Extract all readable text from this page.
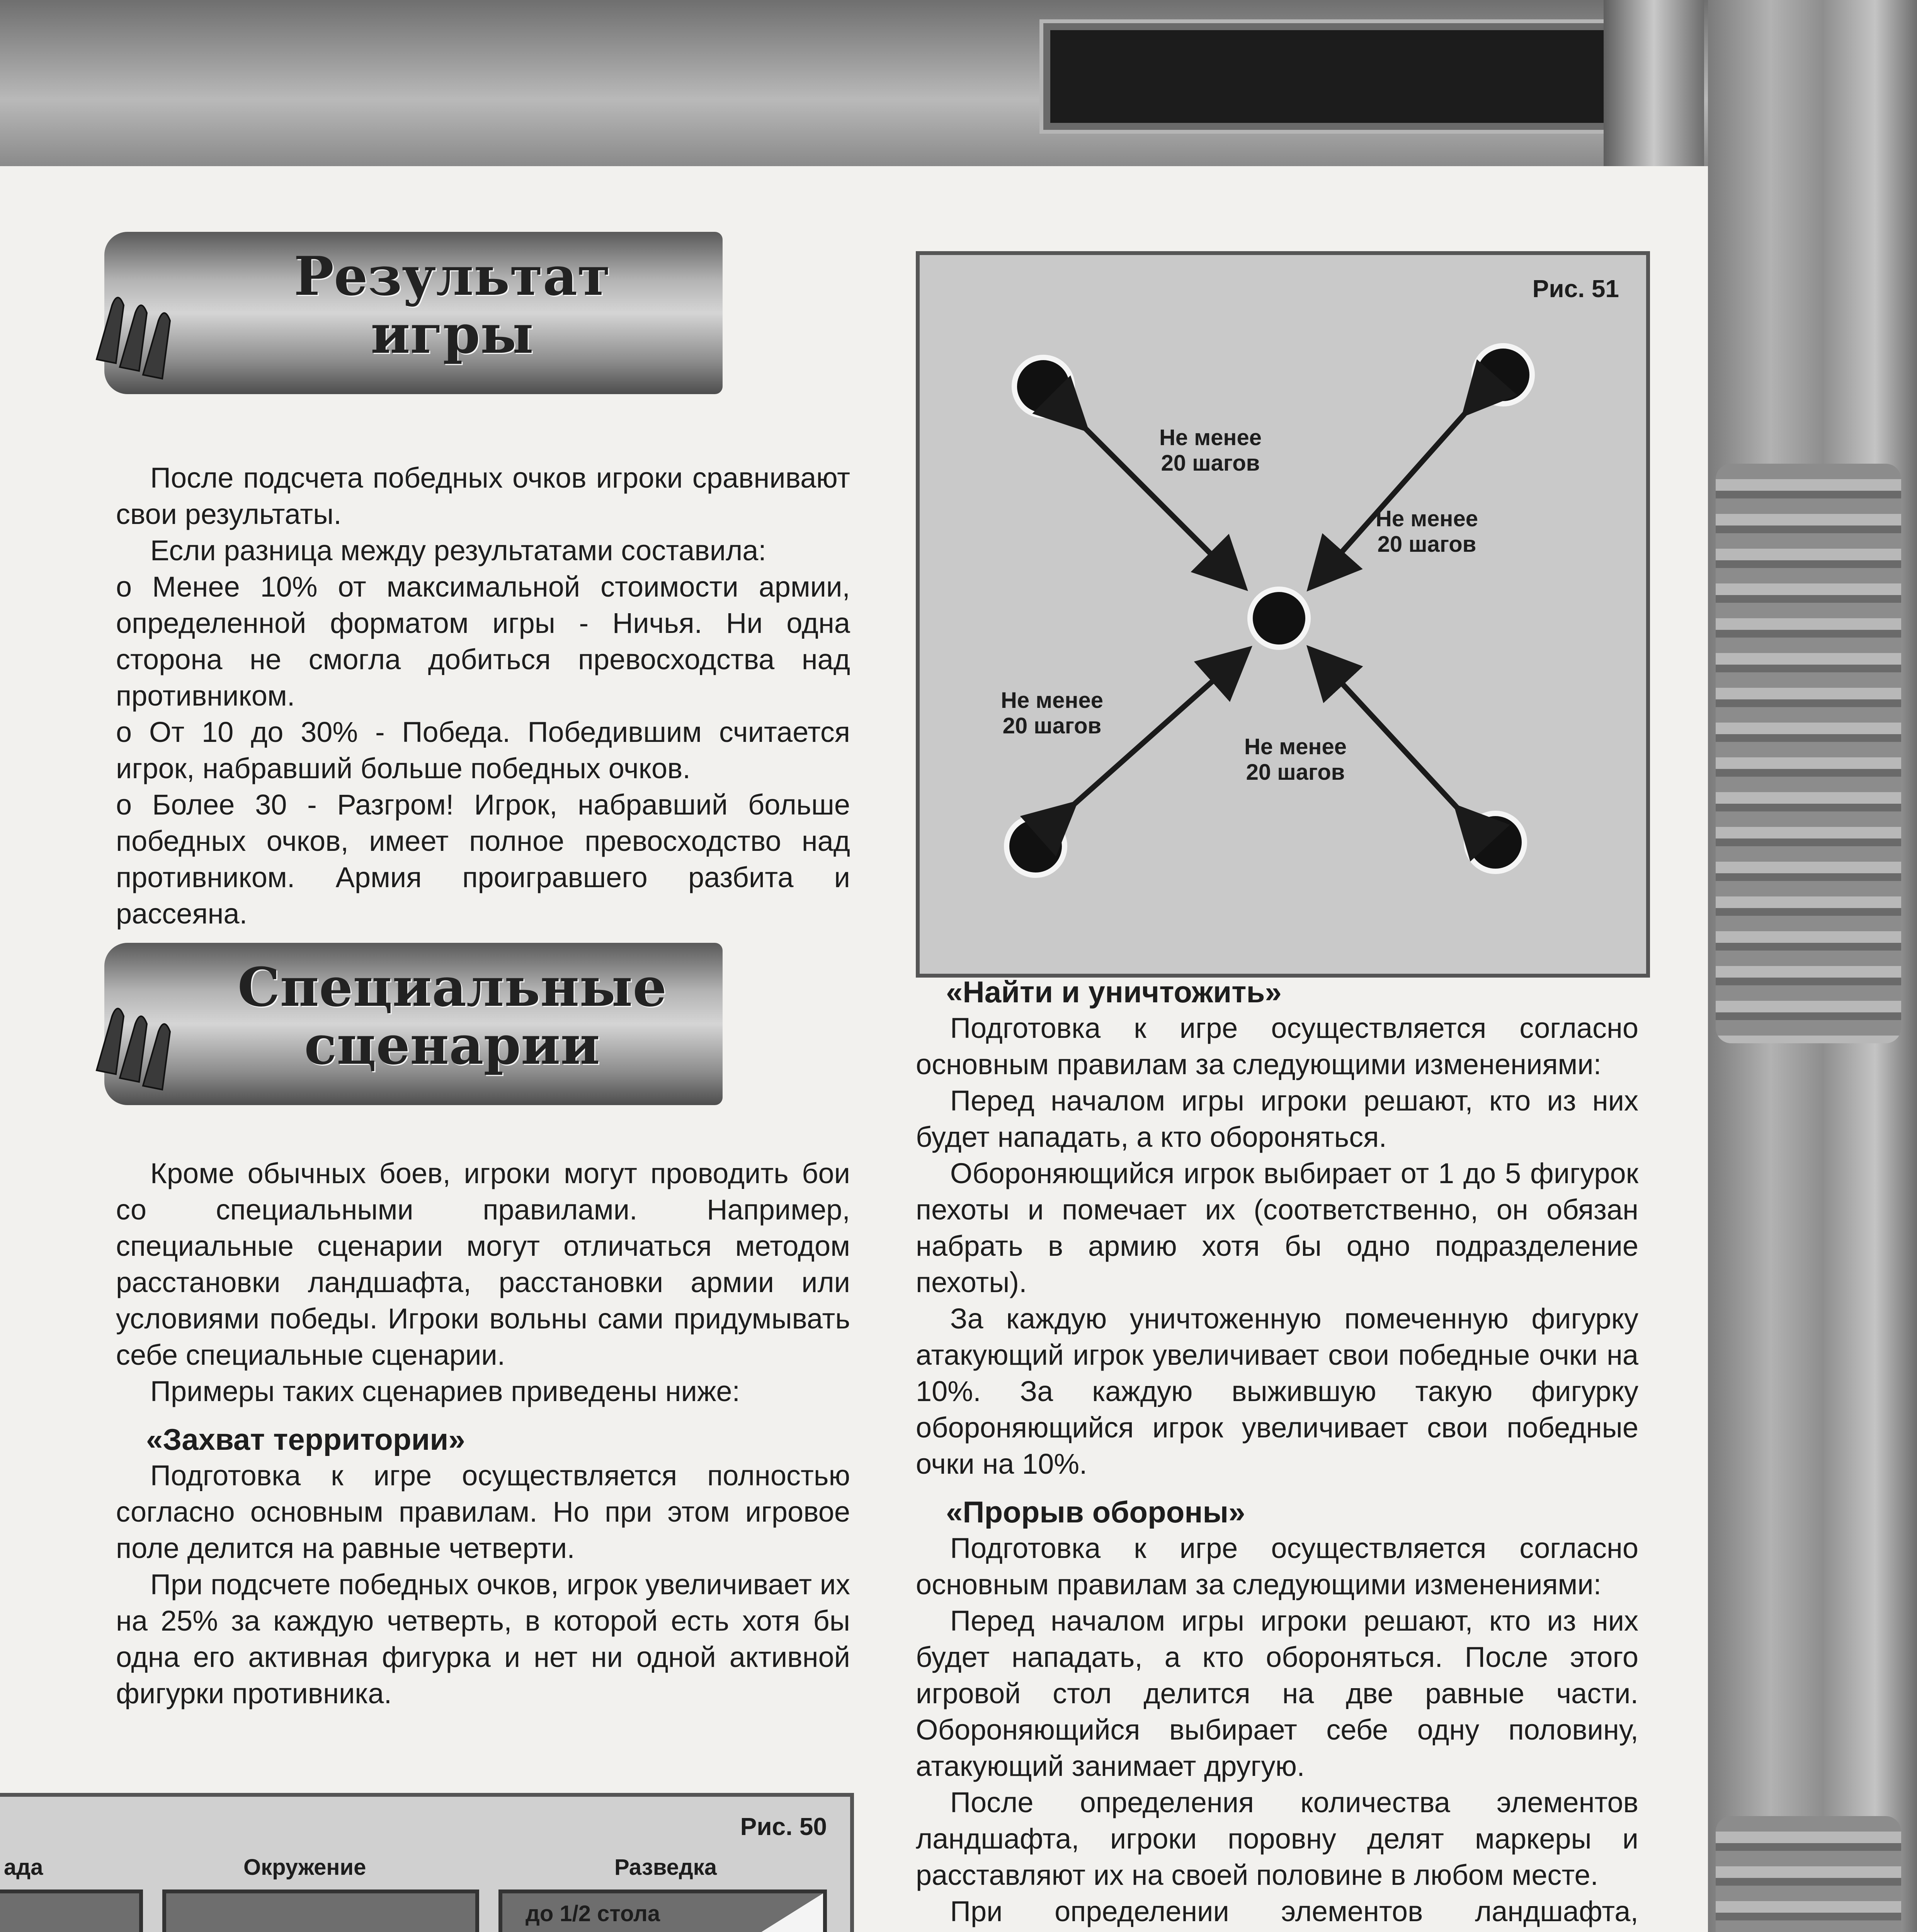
Результат игры
Специальные сценарии

После подсчета победных очков игроки сравнивают свои результаты.

Если разница между результатами составила:

о Менее 10% от максимальной стоимости армии, определенной форматом игры - Ничья. Ни одна сторона не смогла добиться превосходства над противником.

о От 10 до 30% - Победа. Победившим считается игрок, набравший больше победных очков.

о Более 30 - Разгром! Игрок, набравший больше победных очков, имеет полное превосходство над противником. Армия проигравшего разбита и рассеяна.

Кроме обычных боев, игроки могут проводить бои со специальными правилами. Например, специальные сценарии могут отличаться методом расстановки ландшафта, расстановки армии или условиями победы. Игроки вольны сами придумывать себе специальные сценарии.

Примеры таких сценариев приведены ниже:

«Захват территории»

Подготовка к игре осуществляется полностью согласно основным правилам. Но при этом игровое поле делится на равные четверти.

При подсчете победных очков, игрок увеличивает их на 25% за каждую четверть, в которой есть хотя бы одна его активная фигурка и нет ни одной активной фигурки противника.

Рис. 51
Не менее
20 шагов
Не менее
20 шагов
Не менее
20 шагов
Не менее
20 шагов
«Найти и уничтожить»

Подготовка к игре осуществляется согласно основным правилам за следующими изменениями:

Перед началом игры игроки решают, кто из них будет нападать, а кто обороняться.

Обороняющийся игрок выбирает от 1 до 5 фигурок пехоты и помечает их (соответственно, он обязан набрать в армию хотя бы одно подразделение пехоты).

За каждую уничтоженную помеченную фигурку атакующий игрок увеличивает свои победные очки на 10%. За каждую выжившую такую фигурку обороняющийся игрок увеличивает свои победные очки на 10%.

«Прорыв обороны»

Подготовка к игре осуществляется согласно основным правилам за следующими изменениями:

Перед началом игры игроки решают, кто из них будет нападать, а кто обороняться. После этого игровой стол делится на две равные части. Обороняющийся выбирает себе одну половину, атакующий занимает другую.

После определения количества элементов ландшафта, игроки поровну делят маркеры и расставляют их на своей половине в любом месте.

При определении элементов ландшафта,

Рис. 50
ада	Окружение	Разведка
до 1/2 стола
